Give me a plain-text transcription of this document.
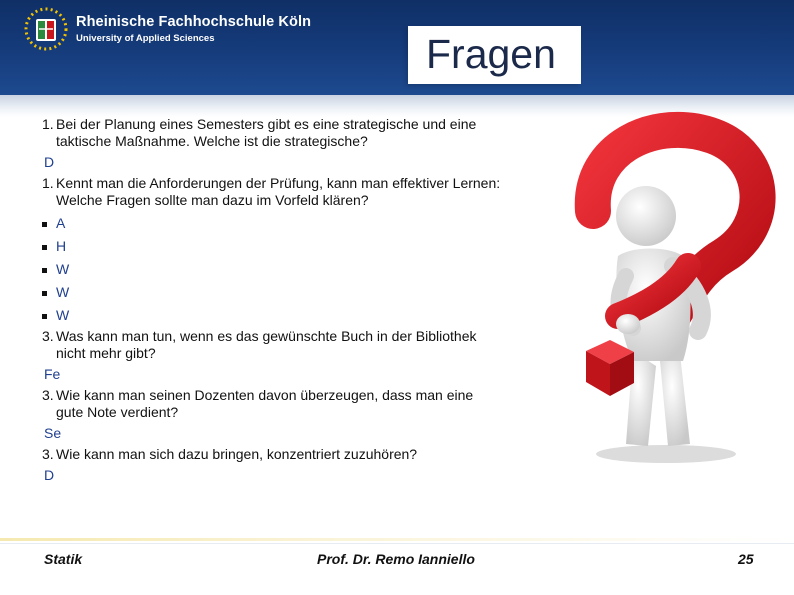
Rheinische Fachhochschule Köln
University of Applied Sciences	Fragen
1. Bei der Planung eines Semesters gibt es eine strategische und eine
taktische Maßnahme. Welche ist die strategische?
D
1. Kennt man die Anforderungen der Prüfung, kann man effektiver Lernen:
Welche Fragen sollte man dazu im Vorfeld klären?
A
H
W
W
W
3. Was kann man tun, wenn es das gewünschte Buch in der Bibliothek
nicht mehr gibt?
Fe
3. Wie kann man seinen Dozenten davon überzeugen, dass man eine
gute Note verdient?
Se
3. Wie kann man sich dazu bringen, konzentriert zuzuhören?
D
Statik	Prof. Dr. Remo Ianniello	25
